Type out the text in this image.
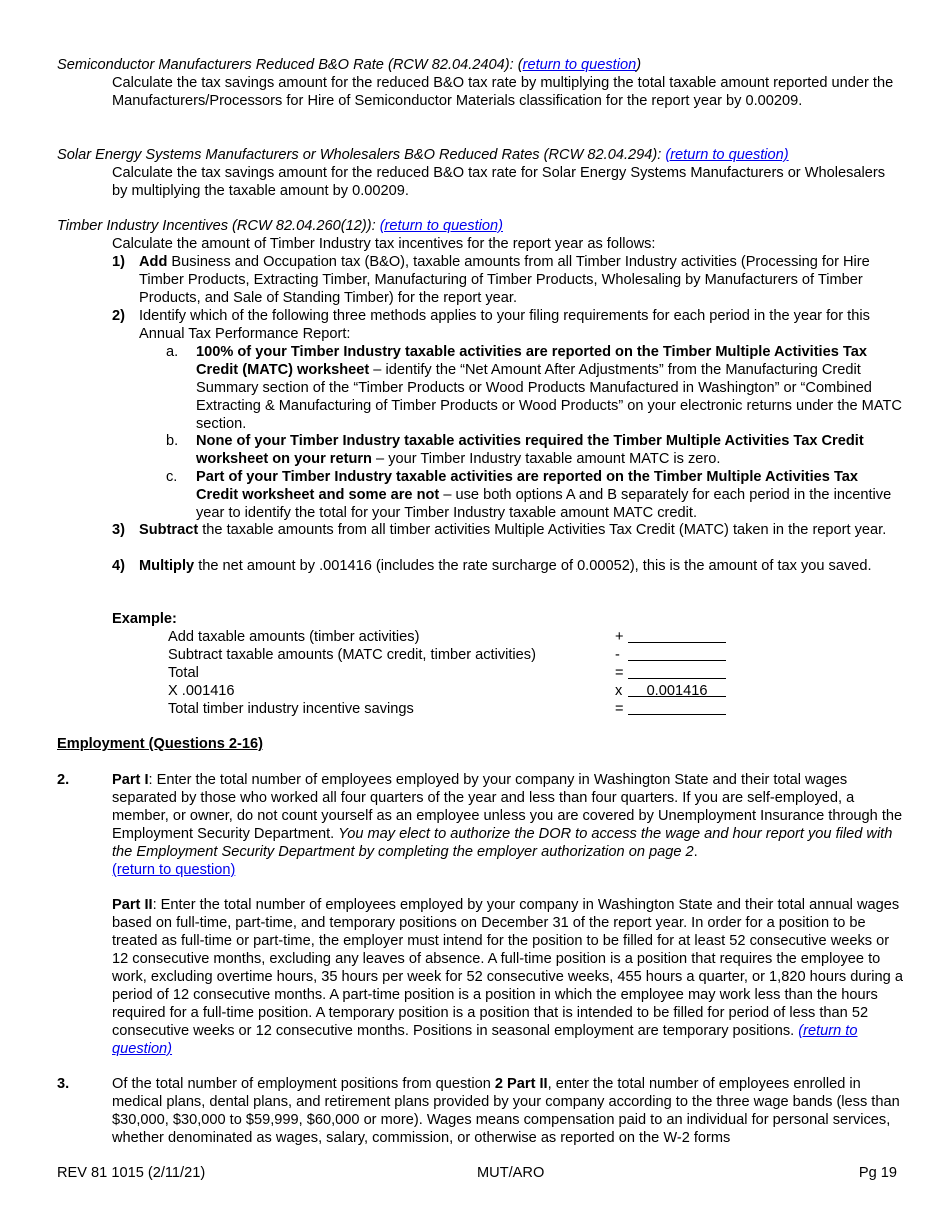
Semiconductor Manufacturers Reduced B&O Rate (RCW 82.04.2404): (return to question)
Calculate the tax savings amount for the reduced B&O tax rate by multiplying the total taxable amount reported under the Manufacturers/Processors for Hire of Semiconductor Materials classification for the report year by 0.00209.
Solar Energy Systems Manufacturers or Wholesalers B&O Reduced Rates (RCW 82.04.294): (return to question)
Calculate the tax savings amount for the reduced B&O tax rate for Solar Energy Systems Manufacturers or Wholesalers by multiplying the taxable amount by 0.00209.
Timber Industry Incentives (RCW 82.04.260(12)): (return to question)
Calculate the amount of Timber Industry tax incentives for the report year as follows:
1) Add Business and Occupation tax (B&O), taxable amounts from all Timber Industry activities (Processing for Hire Timber Products, Extracting Timber, Manufacturing of Timber Products, Wholesaling by Manufacturers of Timber Products, and Sale of Standing Timber) for the report year.
2) Identify which of the following three methods applies to your filing requirements for each period in the year for this Annual Tax Performance Report:
a. 100% of your Timber Industry taxable activities are reported on the Timber Multiple Activities Tax Credit (MATC) worksheet – identify the “Net Amount After Adjustments” from the Manufacturing Credit Summary section of the “Timber Products or Wood Products Manufactured in Washington” or “Combined Extracting & Manufacturing of Timber Products or Wood Products” on your electronic returns under the MATC section.
b. None of your Timber Industry taxable activities required the Timber Multiple Activities Tax Credit worksheet on your return – your Timber Industry taxable amount MATC is zero.
c. Part of your Timber Industry taxable activities are reported on the Timber Multiple Activities Tax Credit worksheet and some are not – use both options A and B separately for each period in the incentive year to identify the total for your Timber Industry taxable amount MATC credit.
3) Subtract the taxable amounts from all timber activities Multiple Activities Tax Credit (MATC) taken in the report year.
4) Multiply the net amount by .001416 (includes the rate surcharge of 0.00052), this is the amount of tax you saved.
Example:
Add taxable amounts (timber activities)	+
Subtract taxable amounts (MATC credit, timber activities)	-
Total	=
X .001416	x	0.001416
Total timber industry incentive savings	=
Employment (Questions 2-16)
2.	Part I: Enter the total number of employees employed by your company in Washington State and their total wages separated by those who worked all four quarters of the year and less than four quarters. If you are self-employed, a member, or owner, do not count yourself as an employee unless you are covered by Unemployment Insurance through the Employment Security Department. You may elect to authorize the DOR to access the wage and hour report you filed with the Employment Security Department by completing the employer authorization on page 2.
(return to question)
Part II: Enter the total number of employees employed by your company in Washington State and their total annual wages based on full-time, part-time, and temporary positions on December 31 of the report year. In order for a position to be treated as full-time or part-time, the employer must intend for the position to be filled for at least 52 consecutive weeks or 12 consecutive months, excluding any leaves of absence. A full-time position is a position that requires the employee to work, excluding overtime hours, 35 hours per week for 52 consecutive weeks, 455 hours a quarter, or 1,820 hours during a period of 12 consecutive months. A part-time position is a position in which the employee may work less than the hours required for a full-time position. A temporary position is a position that is intended to be filled for period of less than 52 consecutive weeks or 12 consecutive months. Positions in seasonal employment are temporary positions. (return to question)
3.	Of the total number of employment positions from question 2 Part II, enter the total number of employees enrolled in medical plans, dental plans, and retirement plans provided by your company according to the three wage bands (less than $30,000, $30,000 to $59,999, $60,000 or more). Wages means compensation paid to an individual for personal services, whether denominated as wages, salary, commission, or otherwise as reported on the W-2 forms
REV 81 1015 (2/11/21)	MUT/ARO	Pg 19
